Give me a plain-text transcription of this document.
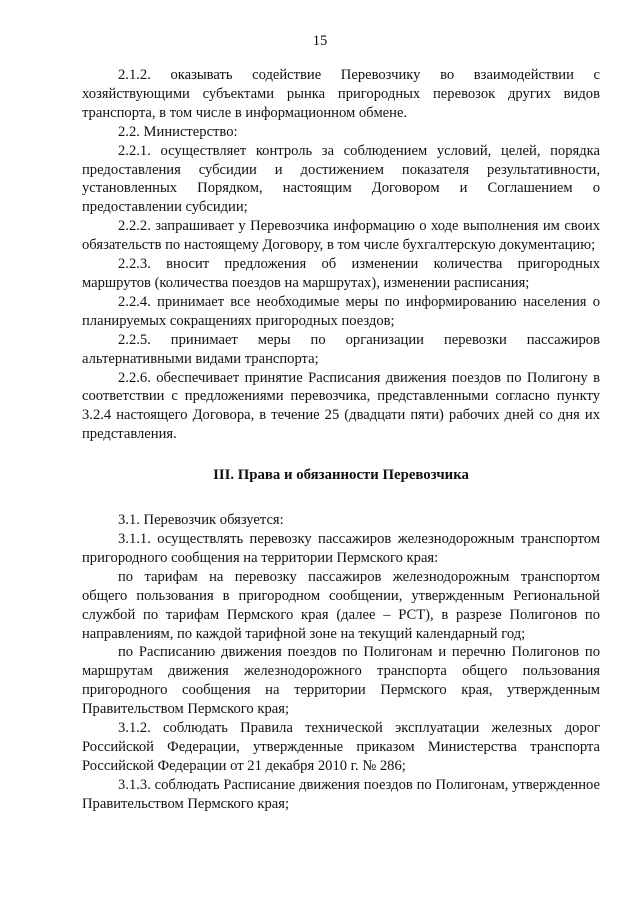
15

2.1.2. оказывать содействие Перевозчику во взаимодействии с хозяйствующими субъектами рынка пригородных перевозок других видов транспорта, в том числе в информационном обмене.

2.2. Министерство:

2.2.1. осуществляет контроль за соблюдением условий, целей, порядка предоставления субсидии и достижением показателя результативности, установленных Порядком, настоящим Договором и Соглашением о предоставлении субсидии;

2.2.2. запрашивает у Перевозчика информацию о ходе выполнения им своих обязательств по настоящему Договору, в том числе бухгалтерскую документацию;

2.2.3. вносит предложения об изменении количества пригородных маршрутов (количества поездов на маршрутах), изменении расписания;

2.2.4. принимает все необходимые меры по информированию населения о планируемых сокращениях пригородных поездов;

2.2.5. принимает меры по организации перевозки пассажиров альтернативными видами транспорта;

2.2.6. обеспечивает принятие Расписания движения поездов по Полигону в соответствии с предложениями перевозчика, представленными согласно пункту 3.2.4 настоящего Договора, в течение 25 (двадцати пяти) рабочих дней со дня их представления.

III. Права и обязанности Перевозчика

3.1. Перевозчик обязуется:

3.1.1. осуществлять перевозку пассажиров железнодорожным транспортом пригородного сообщения на территории Пермского края:

по тарифам на перевозку пассажиров железнодорожным транспортом общего пользования в пригородном сообщении, утвержденным Региональной службой по тарифам Пермского края (далее – РСТ), в разрезе Полигонов по направлениям, по каждой тарифной зоне на текущий календарный год;

по Расписанию движения поездов по Полигонам и перечню Полигонов по маршрутам движения железнодорожного транспорта общего пользования пригородного сообщения на территории Пермского края, утвержденным Правительством Пермского края;

3.1.2. соблюдать Правила технической эксплуатации железных дорог Российской Федерации, утвержденные приказом Министерства транспорта Российской Федерации от 21 декабря 2010 г. № 286;

3.1.3. соблюдать Расписание движения поездов по Полигонам, утвержденное Правительством Пермского края;
